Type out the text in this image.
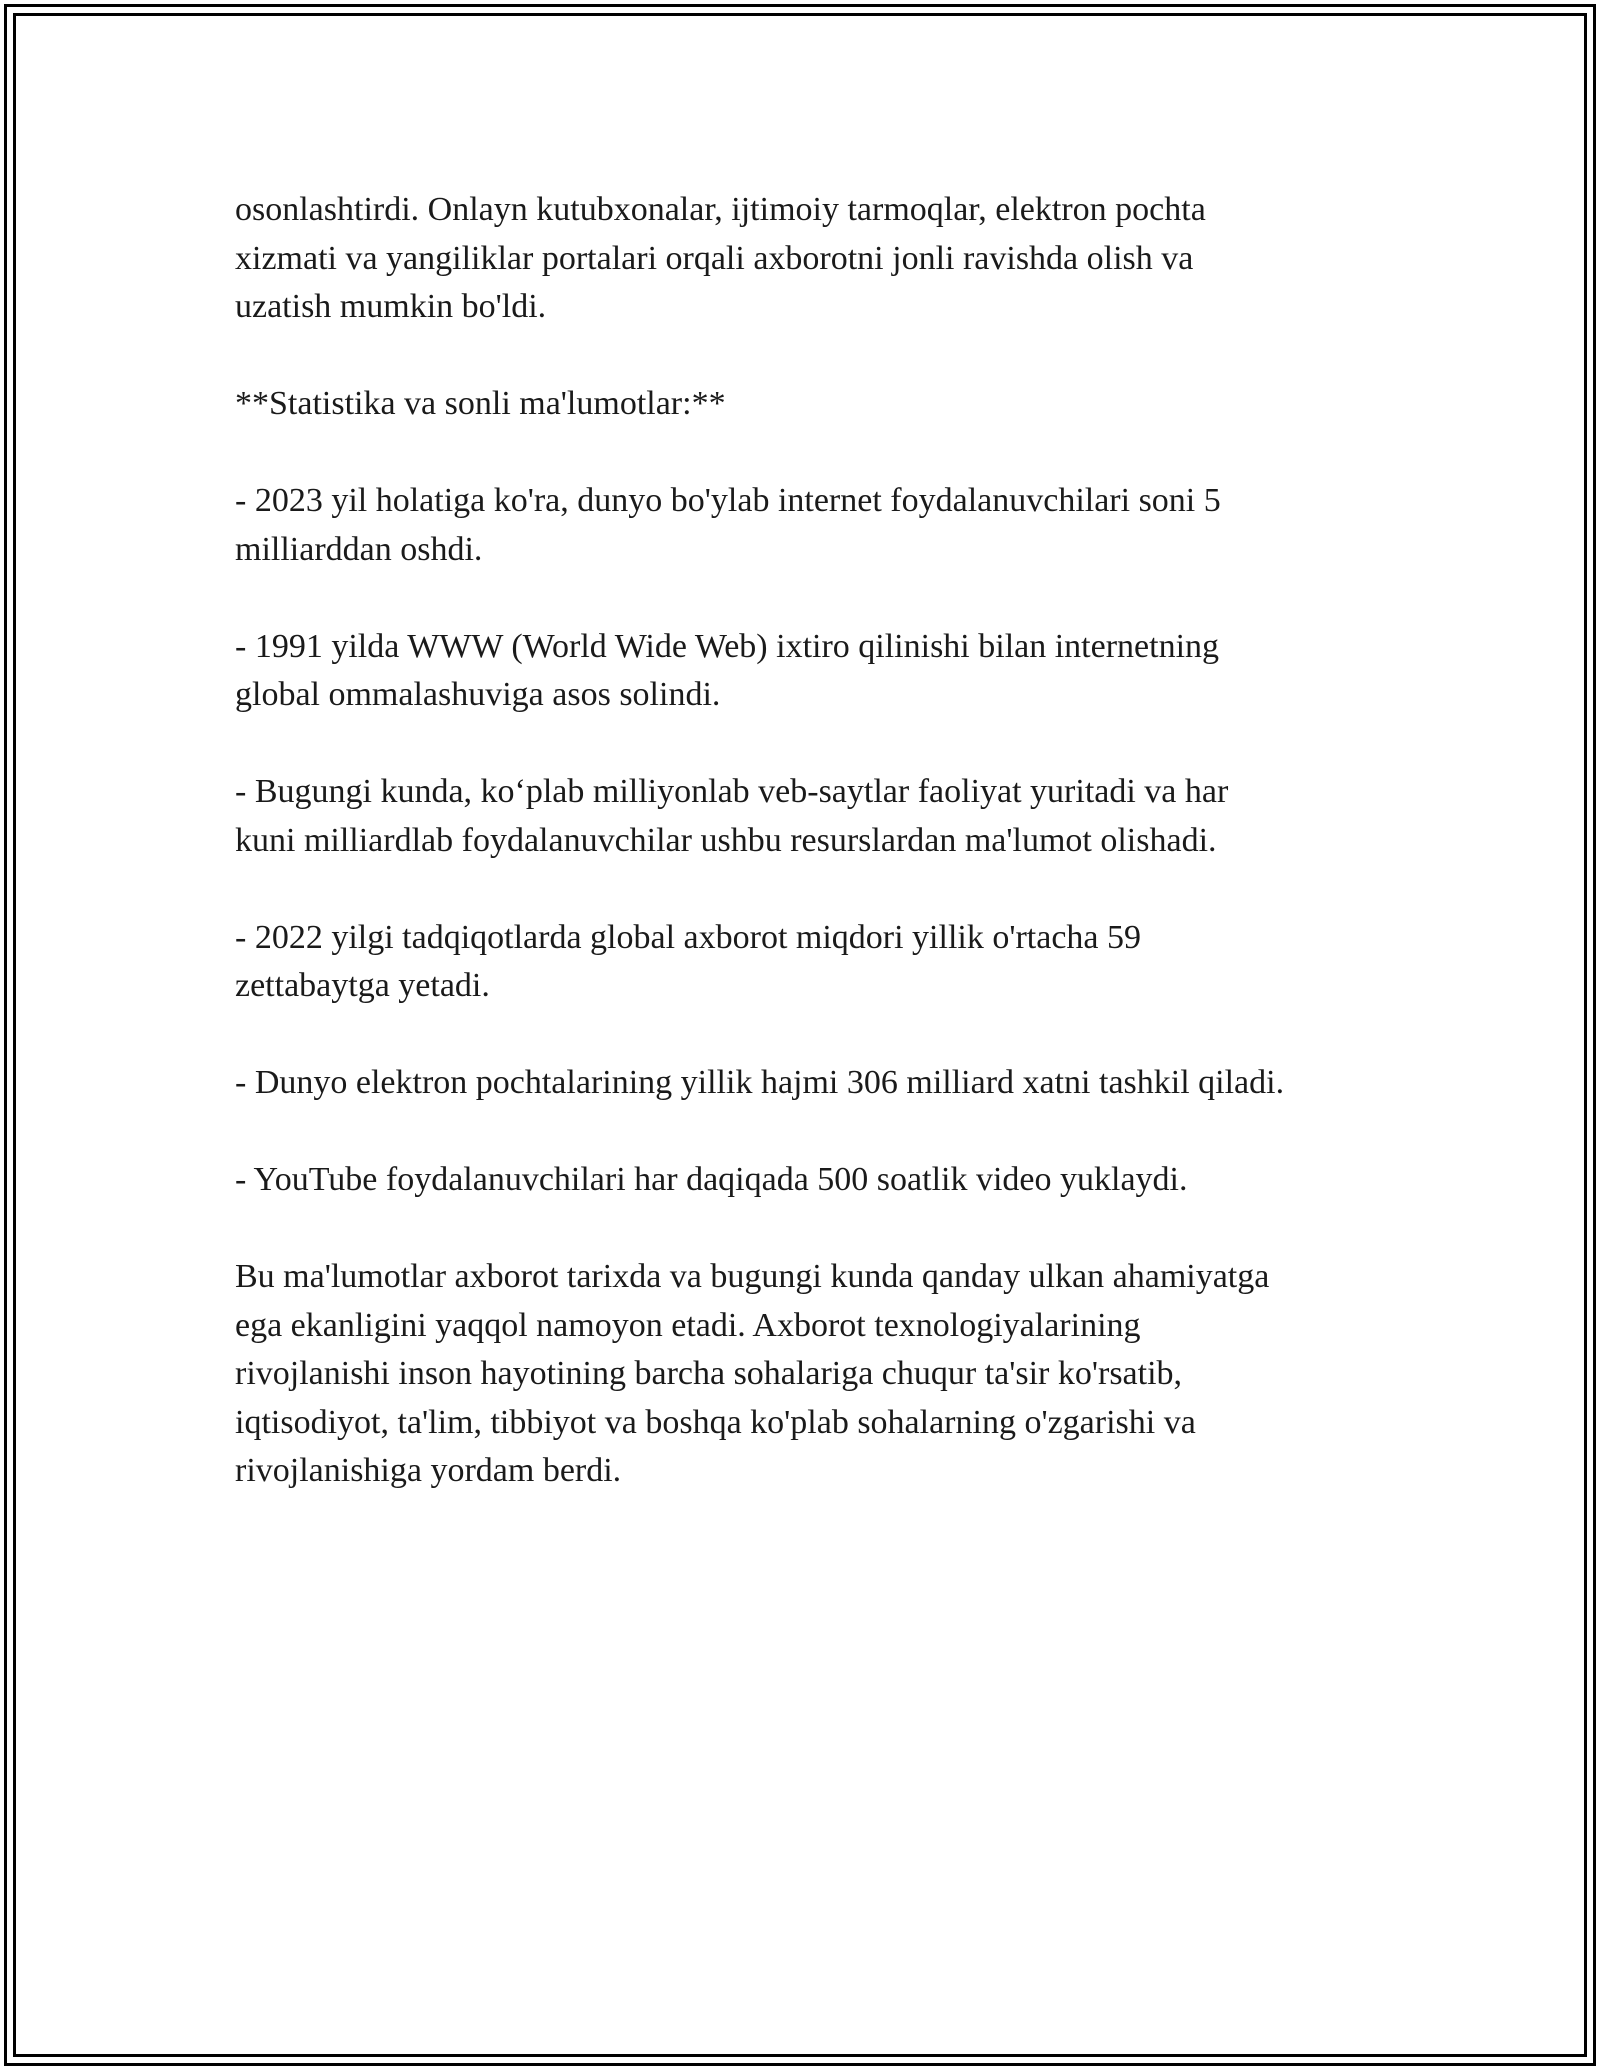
osonlashtirdi. Onlayn kutubxonalar, ijtimoiy tarmoqlar, elektron pochta
xizmati va yangiliklar portalari orqali axborotni jonli ravishda olish va
uzatish mumkin bo'ldi.

**Statistika va sonli ma'lumotlar:**

- 2023 yil holatiga ko'ra, dunyo bo'ylab internet foydalanuvchilari soni 5
milliarddan oshdi.

- 1991 yilda WWW (World Wide Web) ixtiro qilinishi bilan internetning
global ommalashuviga asos solindi.

- Bugungi kunda, ko‘plab milliyonlab veb-saytlar faoliyat yuritadi va har
kuni milliardlab foydalanuvchilar ushbu resurslardan ma'lumot olishadi.

- 2022 yilgi tadqiqotlarda global axborot miqdori yillik o'rtacha 59
zettabaytga yetadi.

- Dunyo elektron pochtalarining yillik hajmi 306 milliard xatni tashkil qiladi.

- YouTube foydalanuvchilari har daqiqada 500 soatlik video yuklaydi.

Bu ma'lumotlar axborot tarixda va bugungi kunda qanday ulkan ahamiyatga
ega ekanligini yaqqol namoyon etadi. Axborot texnologiyalarining
rivojlanishi inson hayotining barcha sohalariga chuqur ta'sir ko'rsatib,
iqtisodiyot, ta'lim, tibbiyot va boshqa ko'plab sohalarning o'zgarishi va
rivojlanishiga yordam berdi.
